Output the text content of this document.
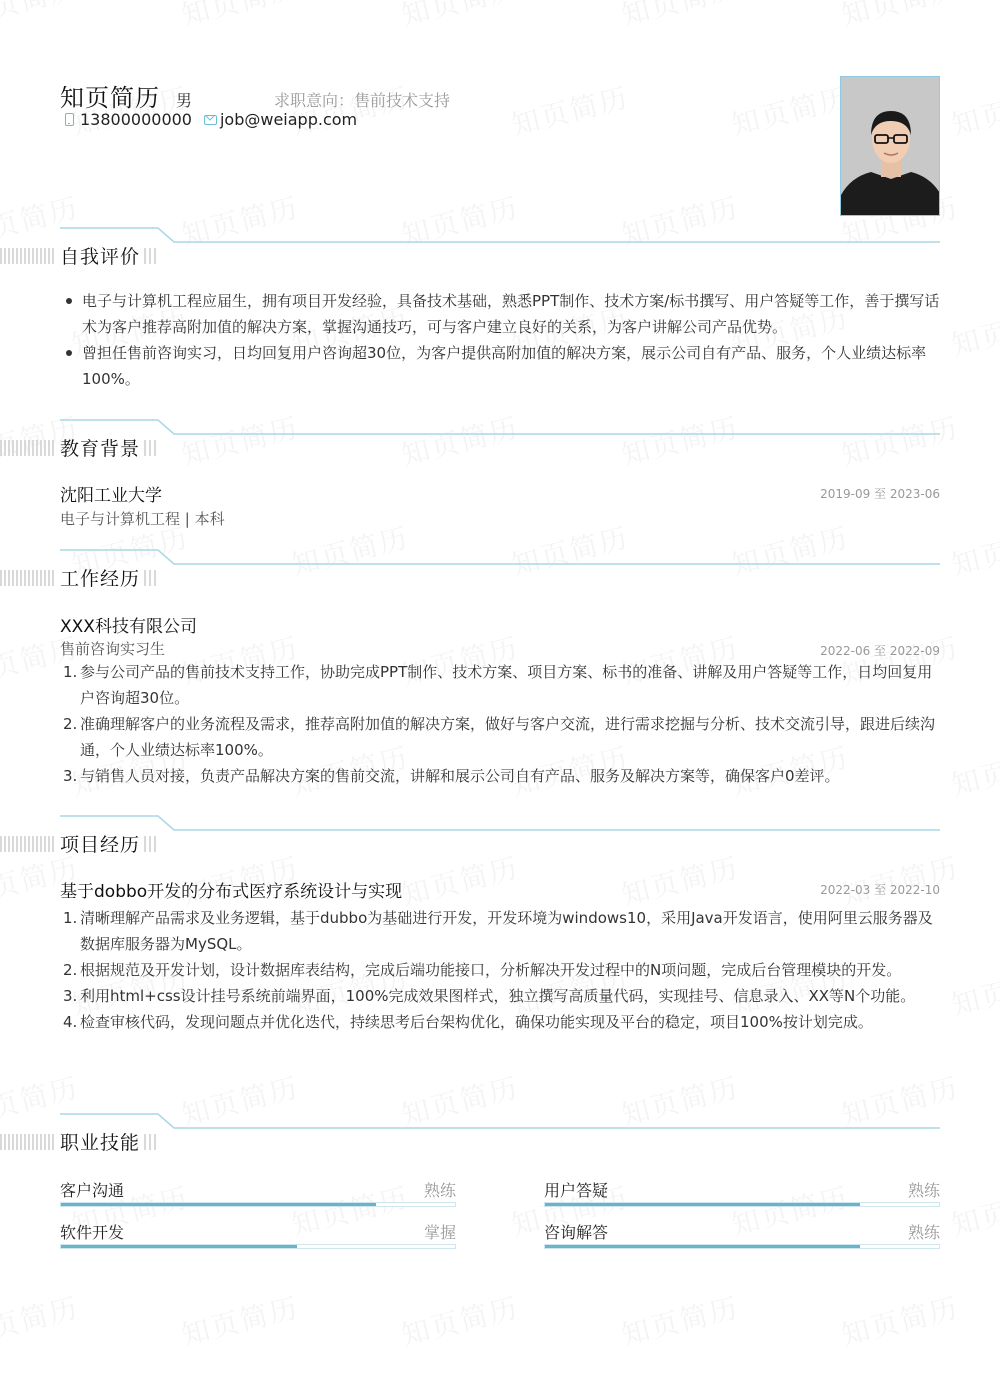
知页简历 男	求职意向：售前技术支持
13800000000 job@weiapp.com
自我评价
电子与计算机工程应届生，拥有项目开发经验，具备技术基础，熟悉PPT制作、技术方案/标书撰写、用户答疑等工作，善于撰写话术为客户推荐高附加值的解决方案，掌握沟通技巧，可与客户建立良好的关系，为客户讲解公司产品优势。
曾担任售前咨询实习，日均回复用户咨询超30位，为客户提供高附加值的解决方案，展示公司自有产品、服务，个人业绩达标率100%。
教育背景
沈阳工业大学	2019-09 至 2023-06
电子与计算机工程 | 本科
工作经历
XXX科技有限公司
售前咨询实习生	2022-06 至 2022-09
1. 参与公司产品的售前技术支持工作，协助完成PPT制作、技术方案、项目方案、标书的准备、讲解及用户答疑等工作，日均回复用户咨询超30位。
2. 准确理解客户的业务流程及需求，推荐高附加值的解决方案，做好与客户交流，进行需求挖掘与分析、技术交流引导，跟进后续沟通，个人业绩达标率100%。
3. 与销售人员对接，负责产品解决方案的售前交流，讲解和展示公司自有产品、服务及解决方案等，确保客户0差评。
项目经历
基于dobbo开发的分布式医疗系统设计与实现	2022-03 至 2022-10
1. 清晰理解产品需求及业务逻辑，基于dubbo为基础进行开发，开发环境为windows10，采用Java开发语言，使用阿里云服务器及数据库服务器为MySQL。
2. 根据规范及开发计划，设计数据库表结构，完成后端功能接口，分析解决开发过程中的N项问题，完成后台管理模块的开发。
3. 利用html+css设计挂号系统前端界面，100%完成效果图样式，独立撰写高质量代码，实现挂号、信息录入、XX等N个功能。
4. 检查审核代码，发现问题点并优化迭代，持续思考后台架构优化，确保功能实现及平台的稳定，项目100%按计划完成。
职业技能
客户沟通	熟练	用户答疑	熟练
软件开发	掌握	咨询解答	熟练
